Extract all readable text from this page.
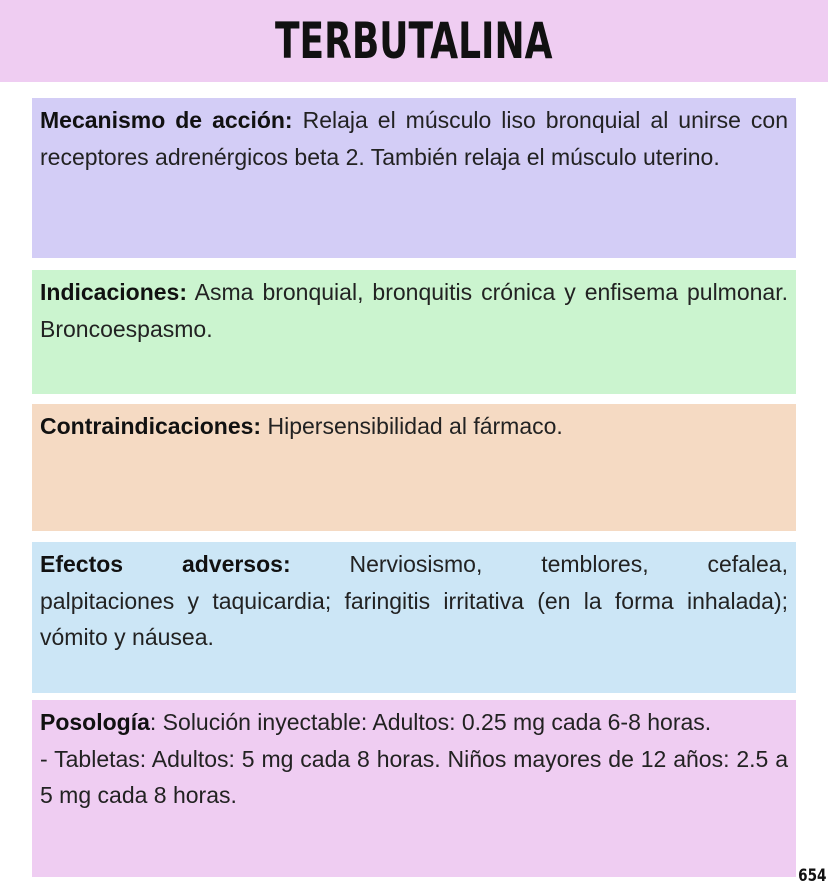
TERBUTALINA

Mecanismo de acción: Relaja el músculo liso bronquial al unirse con receptores adrenérgicos beta 2. También relaja el músculo uterino.

Indicaciones: Asma bronquial, bronquitis crónica y enfisema pulmonar. Broncoespasmo.

Contraindicaciones: Hipersensibilidad al fármaco.

Efectos	adversos:	Nerviosismo,	temblores,	cefalea,

palpitaciones y taquicardia; faringitis irritativa (en la forma inhalada); vómito y náusea.

Posología: Solución inyectable: Adultos: 0.25 mg cada 6-8 horas.

- Tabletas: Adultos: 5 mg cada 8 horas. Niños mayores de 12 años: 2.5 a 5 mg cada 8 horas.

654
